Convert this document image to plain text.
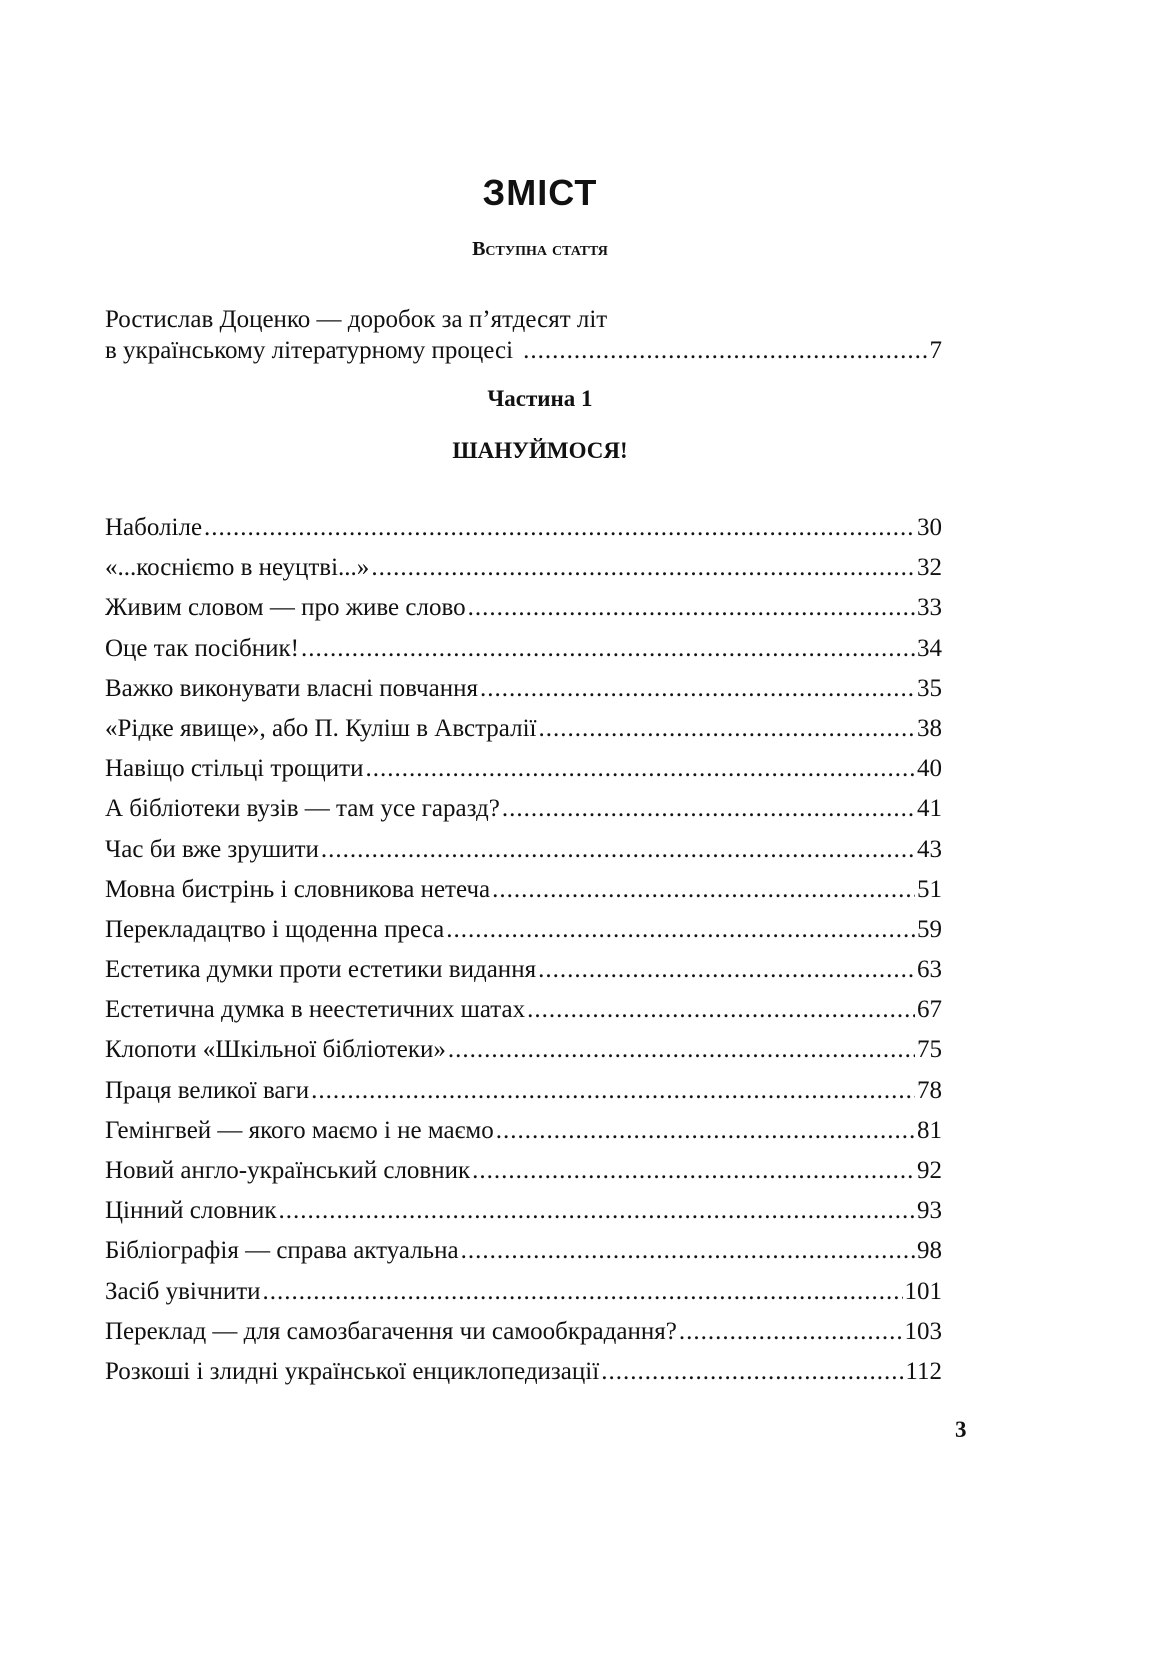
ЗМІСТ
Вступна стаття
Ростислав Доценко — доробок за п’ятдесят літ
в українському літературному процесі .....	7
Частина 1
ШАНУЙМОСЯ!
Наболіле .....	30
«...коснієmо в неуцтві...» .....	32
Живим словом — про живе слово .....	33
Оце так посібник! .....	34
Важко виконувати власні повчання .....	35
«Рідке явище», або П. Куліш в Австралії .....	38
Навіщо стільці трощити .....	40
А бібліотеки вузів — там усе гаразд? .....	41
Час би вже зрушити .....	43
Мовна бистрінь і словникова нетеча .....	51
Перекладацтво і щоденна преса .....	59
Естетика думки проти естетики видання .....	63
Естетична думка в неестетичних шатах .....	67
Клопоти «Шкільної бібліотеки» .....	75
Праця великої ваги .....	78
Гемінгвей — якого маємо і не маємо .....	81
Новий англо-український словник .....	92
Цінний словник .....	93
Бібліографія — справа актуальна .....	98
Засіб увічнити .....	101
Переклад — для самозбагачення чи самообкрадання? .....	103
Розкоші і злидні української енциклопедизації .....	112
3
